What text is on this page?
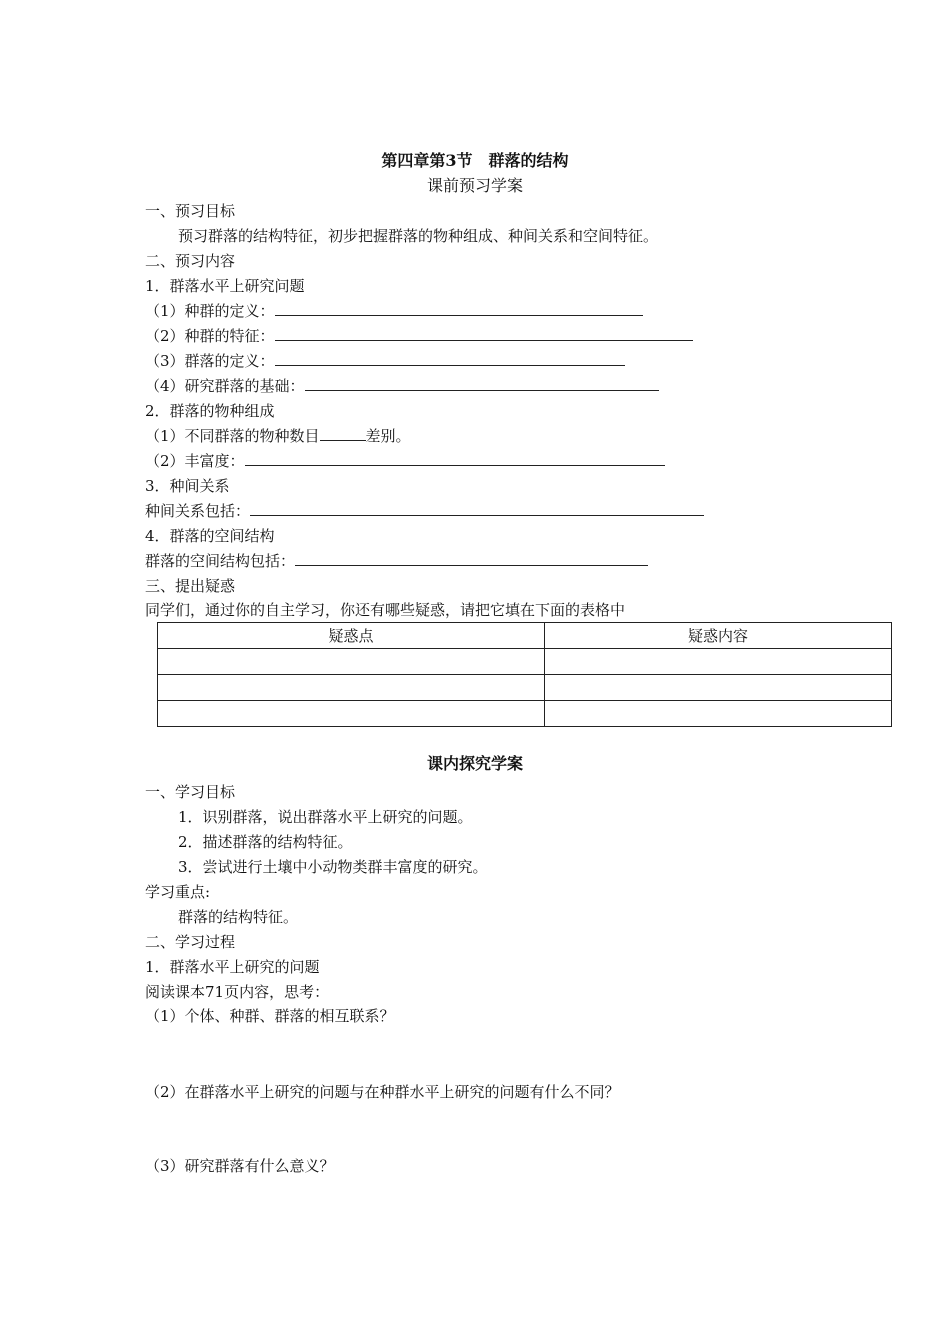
第四章第3节　群落的结构
课前预习学案
一、预习目标
预习群落的结构特征，初步把握群落的物种组成、种间关系和空间特征。
二、预习内容
1．群落水平上研究问题
（1）种群的定义：
（2）种群的特征：
（3）群落的定义：
（4）研究群落的基础：
2．群落的物种组成
（1）不同群落的物种数目	差别。
（2）丰富度：
3．种间关系
种间关系包括：
4．群落的空间结构
群落的空间结构包括：
三、提出疑惑
同学们，通过你的自主学习，你还有哪些疑惑，请把它填在下面的表格中
疑惑点	疑惑内容

课内探究学案
一、学习目标
1．识别群落，说出群落水平上研究的问题。
2．描述群落的结构特征。
3．尝试进行土壤中小动物类群丰富度的研究。
学习重点:
群落的结构特征。
二、学习过程
1．群落水平上研究的问题
阅读课本71页内容，思考：
（1）个体、种群、群落的相互联系？
（2）在群落水平上研究的问题与在种群水平上研究的问题有什么不同？
（3）研究群落有什么意义？
